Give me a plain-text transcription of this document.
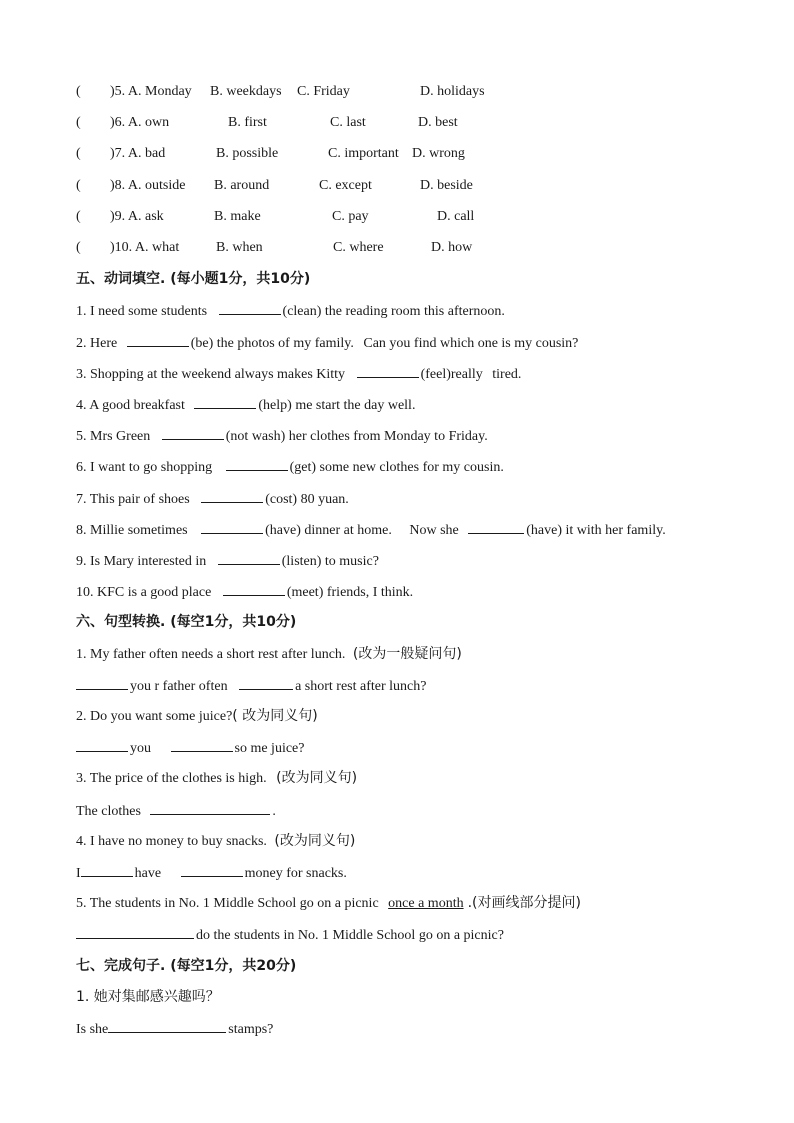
( )5. A. Monday B. weekdays C. Friday	D. holidays
( )6. A. own	B. first	C. last	D. best
( )7. A. bad	B. possible	C. important D. wrong
( )8. A. outside B. around	C. except	D. beside
( )9. A. ask	B. make	C. pay	D. call
( )10. A. what	B. when	C. where	D. how
五、动词填空. (每小题1分，共10分)
1. I need some students	(clean) the reading room this afternoon.
2. Here	(be) the photos of my family. Can you find which one is my cousin?
3. Shopping at the weekend always makes Kitty	(feel)really tired.
4. A good breakfast	(help) me start the day well.
5. Mrs Green	(not wash) her clothes from Monday to Friday.
6. I want to go shopping	(get) some new clothes for my cousin.
7. This pair of shoes	(cost) 80 yuan.
8. Millie sometimes	(have) dinner at home. Now she	(have) it with her family.
9. Is Mary interested in	(listen) to music?
10. KFC is a good place	(meet) friends, I think.
六、句型转换. (每空1分，共10分)
1. My father often needs a short rest after lunch. (改为一般疑问句)
you r father often	a short rest after lunch?
2. Do you want some juice?( 改为同义句)
you	so me juice?
3. The price of the clothes is high. (改为同义句)
The clothes	.
4. I have no money to buy snacks. (改为同义句)
I	have	money for snacks.
5. The students in No. 1 Middle School go on a picnic once a month .(对画线部分提问)
do the students in No. 1 Middle School go on a picnic?
七、完成句子. (每空1分，共20分)
1. 她对集邮感兴趣吗？
Is she	stamps?
